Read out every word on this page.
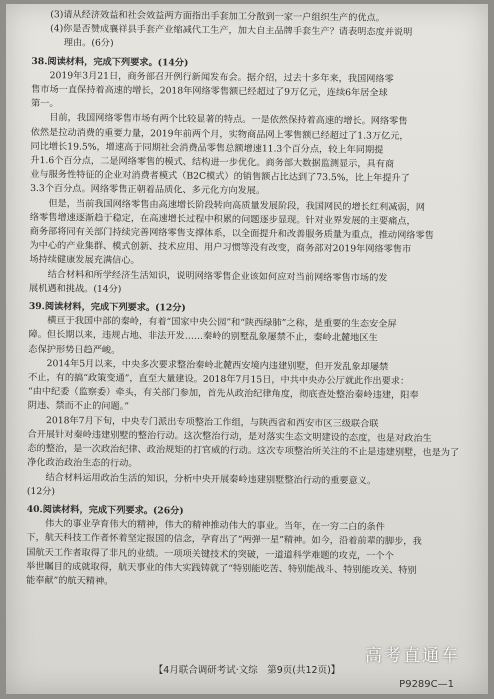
(3)请从经济效益和社会效益两方面指出手套加工分散到一家一户组织生产的优点。

(4)你是否赞成襄祥县手套产业缩减代工生产，加大自主品牌手套生产？请表明态度并说明

理由。(6分)

38.阅读材料，完成下列要求。(14分)

2019年3月21日，商务部召开例行新闻发布会。据介绍，过去十多年来，我国网络零

售市场一直保持着高速的增长，2018年网络零售额已经超过了9万亿元，连续6年居全球

第一。

目前，我国网络零售市场有两个比较显著的特点。一是依然保持着高速的增长。网络零售

依然是拉动消费的重要力量，2019年前两个月，实物商品网上零售额已经超过了1.3万亿元，

同比增长19.5%，增速高于同期社会消费品零售总额增速11.3个百分点，较上年同期提

升1.6个百分点，二是网络零售的模式、结构进一步优化。商务部大数据监测显示，具有商

业与服务性特征的企业对消费者模式（B2C模式）的销售额占比达到了73.5%，比上年提升了

3.3个百分点。网络零售正朝着品质化、多元化方向发展。

但是，当前我国网络零售由高速增长阶段转向高质量发展阶段，我国网民的增长红利减弱，网

络零售增速逐渐趋于稳定，在高速增长过程中积累的问题逐步显现。针对业界发展的主要痛点，

商务部将同有关部门持续完善网络零售支撑体系，以全面提升和改善服务质量为重点，推动网络零售

为中心的产业集群、模式创新、技术应用、用户习惯等没有改变，商务部对2019年网络零售市

场持续健康发展充满信心。

结合材料和所学经济生活知识，说明网络零售企业该如何应对当前网络零售市场的发

展机遇和挑战。(14分)

39.阅读材料，完成下列要求。(12分)

横亘于我国中部的秦岭，有着“国家中央公园”和“陕西绿肺”之称，是重要的生态安全屏

障。但长期以来，违规占地、非法开发……秦岭的别墅乱象屡禁不止，秦岭北麓地区生

态保护形势日趋严峻。

2014年5月以来，中央多次要求整治秦岭北麓西安境内违建别墅，但开发乱象却屡禁

不止，有的搞“政策变通”，直至大量建设。2018年7月15日，中共中央办公厅就此作出要求：

“由中纪委（监察委）牵头，有关部门参加，首先从政治纪律角度，彻底查处整治秦岭违建，阳奉

阴违、禁而不止的问题。”

2018年7月下旬，中央专门派出专项整治工作组，与陕西省和西安市区三级联合联

合开展针对秦岭违建别墅的整治行动。这次整治行动，是对落实生态文明建设的态度，也是对政治生

态的整治，是一次政治纪律、政治规矩的打官威的行动。这次专项整治所关注的不止是违建别墅，也是为了

净化政治政治生态的行动。

结合材料运用政治生活的知识，分析中央开展秦岭违建别墅整治行动的重要意义。

(12分)

40.阅读材料，完成下列要求。(26分)

伟大的事业孕育伟大的精神，伟大的精神推动伟大的事业。当年，在一穷二白的条件

下，航天科技工作者怀着坚定报国的信念，孕育出了“两弹一星”精神。如今，沿着前辈的脚步，我

国航天工作者取得了非凡的业绩。一项项关键技术的突破，一道道科学难题的攻克，一个个

举世瞩目的成就取得，航天事业的伟大实践铸就了“特别能吃苦、特别能战斗、特别能攻关、特别

能奉献”的航天精神。

【4月联合调研考试·文综　第9页(共12页)】
P9289C—1
高考直通车
